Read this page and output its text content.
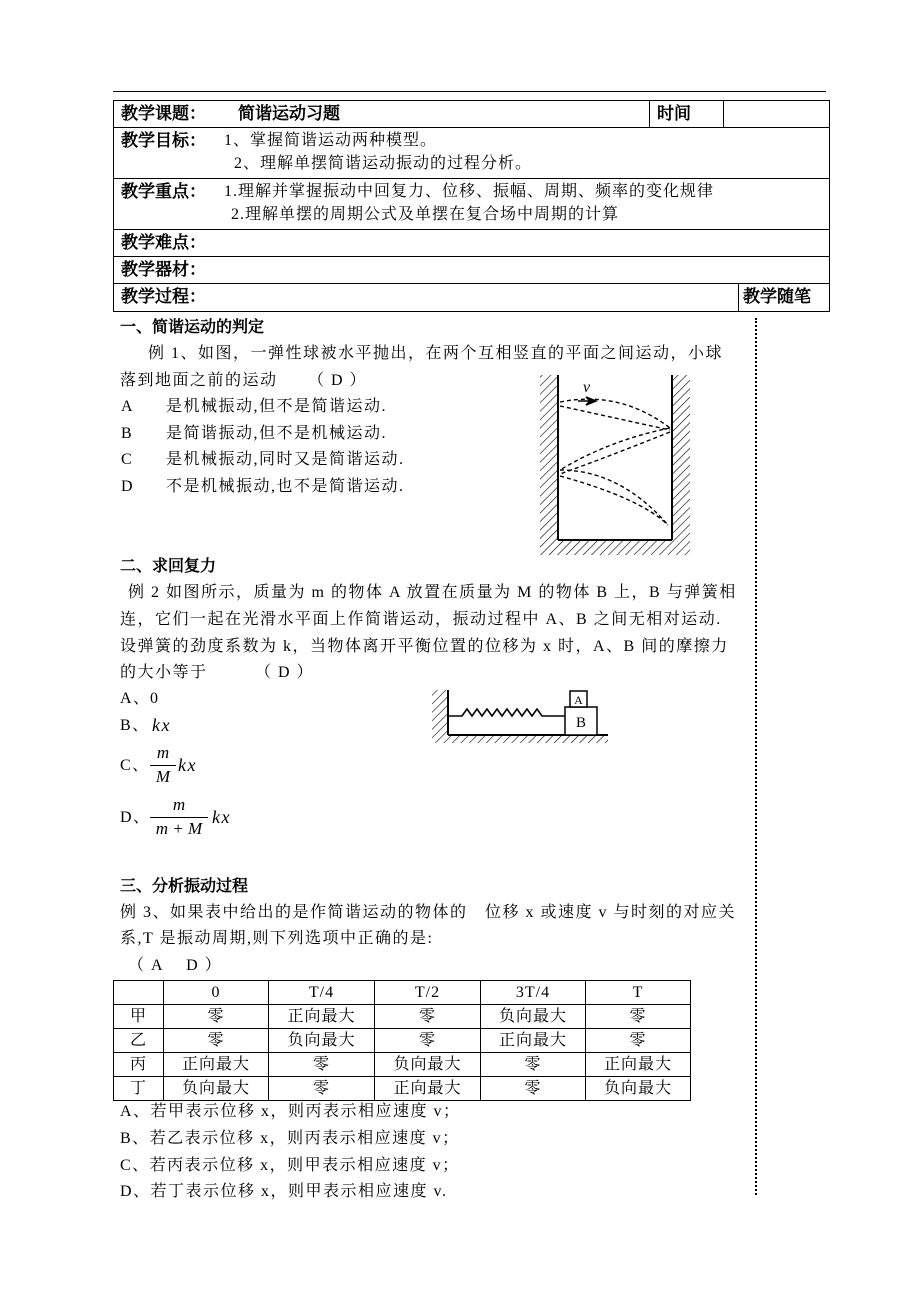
教学课题： 简谐运动习题	时间
教学目标： 1、掌握简谐运动两种模型。
2、理解单摆简谐运动振动的过程分析。
教学重点： 1.理解并掌握振动中回复力、位移、振幅、周期、频率的变化规律
2.理解单摆的周期公式及单摆在复合场中周期的计算
教学难点：
教学器材：
教学过程：	教学随笔
一、简谐运动的判定
例 1、如图，一弹性球被水平抛出，在两个互相竖直的平面之间运动，小球
落到地面之前的运动 （ D ）
A 是机械振动,但不是简谐运动.
B 是简谐振动,但不是机械运动.
C 是机械振动,同时又是简谐运动.
D 不是机械振动,也不是简谐运动.
v
二、求回复力
例 2 如图所示，质量为 m 的物体 A 放置在质量为 M 的物体 B 上，B 与弹簧相
连，它们一起在光滑水平面上作简谐运动，振动过程中 A、B 之间无相对运动.
设弹簧的劲度系数为 k，当物体离开平衡位置的位移为 x 时，A、B 间的摩擦力
的大小等于	（ D ）
A、 0
B、 kx
C、
m
M
kx
D、
m
m + M
kx
B
A
三、分析振动过程
例 3、如果表中给出的是作简谐运动的物体的　位移 x 或速度 v 与时刻的对应关
系,T 是振动周期,则下列选项中正确的是:
（ A　 D ）
	0	T/4	T/2	3T/4	T
甲	零	正向最大	零	负向最大	零
乙	零	负向最大	零	正向最大	零
丙	正向最大	零	负向最大	零	正向最大
丁	负向最大	零	正向最大	零	负向最大
A、若甲表示位移 x，则丙表示相应速度 v；
B、若乙表示位移 x，则丙表示相应速度 v；
C、若丙表示位移 x，则甲表示相应速度 v；
D、若丁表示位移 x，则甲表示相应速度 v.
